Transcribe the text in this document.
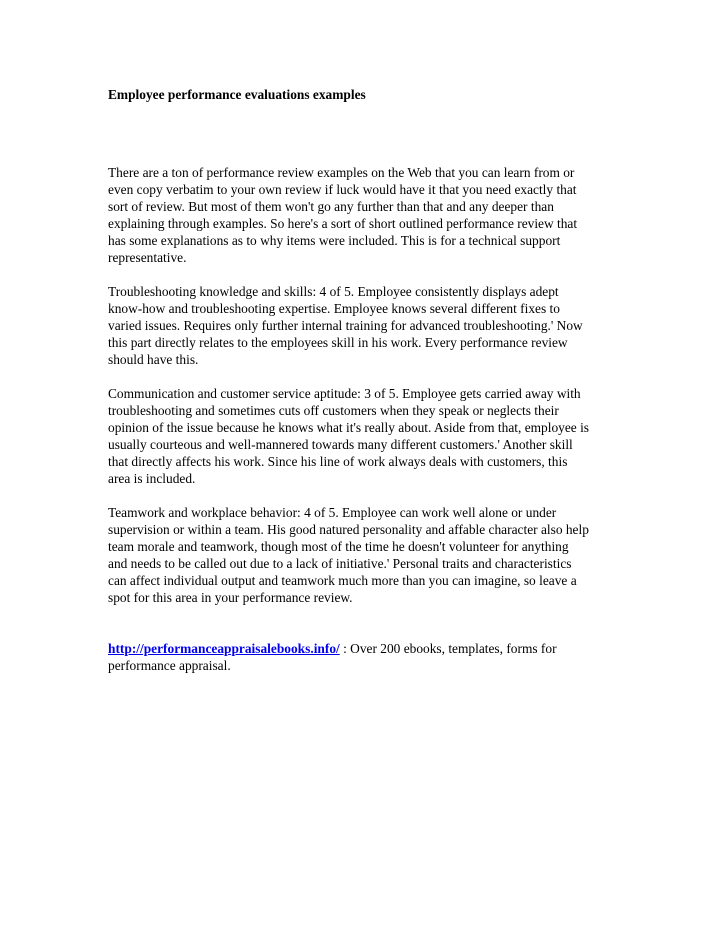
Employee performance evaluations examples

There are a ton of performance review examples on the Web that you can learn from or
even copy verbatim to your own review if luck would have it that you need exactly that
sort of review. But most of them won't go any further than that and any deeper than
explaining through examples. So here's a sort of short outlined performance review that
has some explanations as to why items were included. This is for a technical support
representative.

Troubleshooting knowledge and skills: 4 of 5. Employee consistently displays adept
know-how and troubleshooting expertise. Employee knows several different fixes to
varied issues. Requires only further internal training for advanced troubleshooting.' Now
this part directly relates to the employees skill in his work. Every performance review
should have this.

Communication and customer service aptitude: 3 of 5. Employee gets carried away with
troubleshooting and sometimes cuts off customers when they speak or neglects their
opinion of the issue because he knows what it's really about. Aside from that, employee is
usually courteous and well-mannered towards many different customers.' Another skill
that directly affects his work. Since his line of work always deals with customers, this
area is included.

Teamwork and workplace behavior: 4 of 5. Employee can work well alone or under
supervision or within a team. His good natured personality and affable character also help
team morale and teamwork, though most of the time he doesn't volunteer for anything
and needs to be called out due to a lack of initiative.' Personal traits and characteristics
can affect individual output and teamwork much more than you can imagine, so leave a
spot for this area in your performance review.

http://performanceappraisalebooks.info/ : Over 200 ebooks, templates, forms for
performance appraisal.
